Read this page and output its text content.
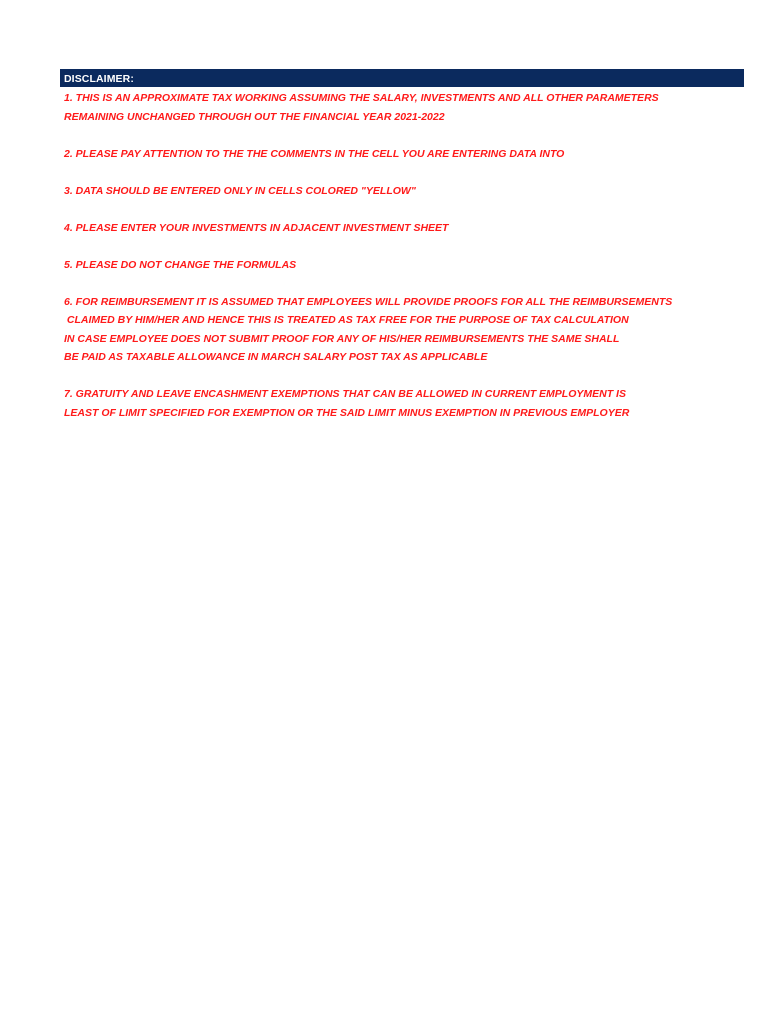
DISCLAIMER:
1. THIS IS AN APPROXIMATE TAX WORKING ASSUMING THE SALARY, INVESTMENTS AND ALL OTHER PARAMETERS
REMAINING UNCHANGED THROUGH OUT THE FINANCIAL YEAR 2021-2022
2. PLEASE PAY ATTENTION TO THE THE COMMENTS IN THE CELL YOU ARE ENTERING DATA INTO
3. DATA SHOULD BE ENTERED ONLY IN CELLS COLORED "YELLOW"
4. PLEASE ENTER YOUR INVESTMENTS IN ADJACENT INVESTMENT SHEET
5. PLEASE DO NOT CHANGE THE FORMULAS
6. FOR REIMBURSEMENT IT IS ASSUMED THAT EMPLOYEES WILL PROVIDE PROOFS FOR ALL THE REIMBURSEMENTS
CLAIMED BY HIM/HER AND HENCE THIS IS TREATED AS TAX FREE FOR THE PURPOSE OF TAX CALCULATION
IN CASE EMPLOYEE DOES NOT SUBMIT PROOF FOR ANY OF HIS/HER REIMBURSEMENTS THE SAME SHALL
BE PAID AS TAXABLE ALLOWANCE IN MARCH SALARY POST TAX AS APPLICABLE
7. GRATUITY AND LEAVE ENCASHMENT EXEMPTIONS THAT CAN BE ALLOWED IN CURRENT EMPLOYMENT IS
LEAST OF LIMIT SPECIFIED FOR EXEMPTION OR THE SAID LIMIT MINUS EXEMPTION IN PREVIOUS EMPLOYER
